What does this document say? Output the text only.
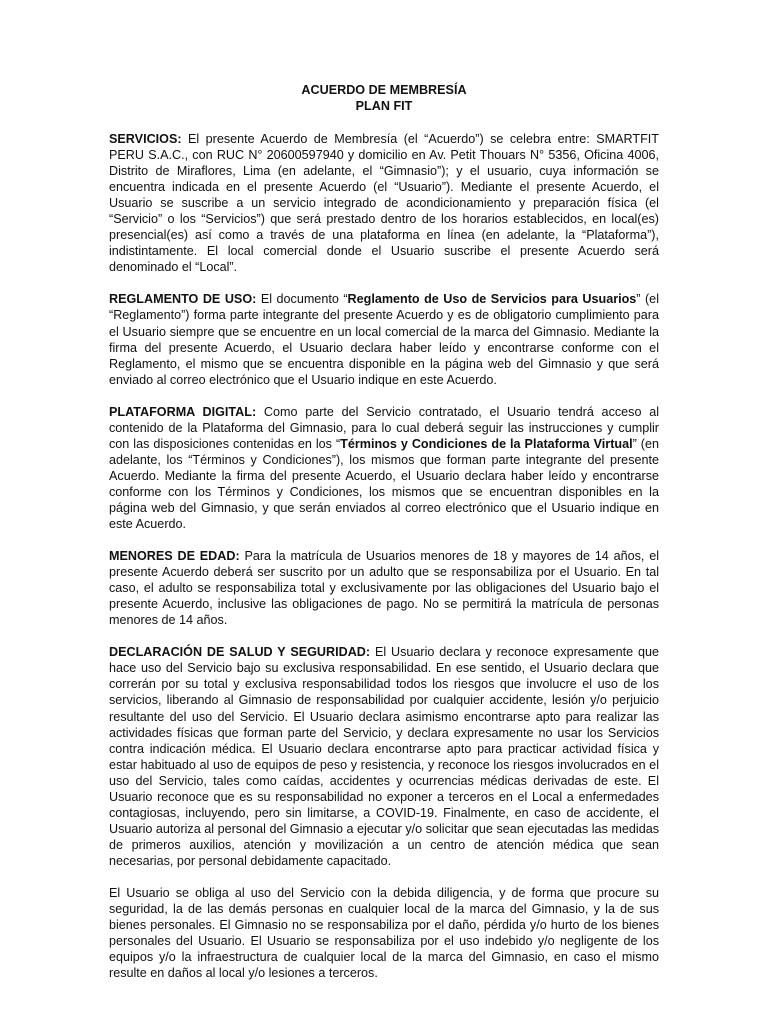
ACUERDO DE MEMBRESÍA

PLAN FIT

SERVICIOS: El presente Acuerdo de Membresía (el “Acuerdo”) se celebra entre: SMARTFIT PERU S.A.C., con RUC N° 20600597940 y domicilio en Av. Petit Thouars N° 5356, Oficina 4006, Distrito de Miraflores, Lima (en adelante, el “Gimnasio”); y el usuario, cuya información se encuentra indicada en el presente Acuerdo (el “Usuario”). Mediante el presente Acuerdo, el Usuario se suscribe a un servicio integrado de acondicionamiento y preparación física (el “Servicio” o los “Servicios”) que será prestado dentro de los horarios establecidos, en local(es) presencial(es) así como a través de una plataforma en línea (en adelante, la “Plataforma”), indistintamente. El local comercial donde el Usuario suscribe el presente Acuerdo será denominado el “Local”.

REGLAMENTO DE USO: El documento “Reglamento de Uso de Servicios para Usuarios” (el “Reglamento”) forma parte integrante del presente Acuerdo y es de obligatorio cumplimiento para el Usuario siempre que se encuentre en un local comercial de la marca del Gimnasio. Mediante la firma del presente Acuerdo, el Usuario declara haber leído y encontrarse conforme con el Reglamento, el mismo que se encuentra disponible en la página web del Gimnasio y que será enviado al correo electrónico que el Usuario indique en este Acuerdo.

PLATAFORMA DIGITAL: Como parte del Servicio contratado, el Usuario tendrá acceso al contenido de la Plataforma del Gimnasio, para lo cual deberá seguir las instrucciones y cumplir con las disposiciones contenidas en los “Términos y Condiciones de la Plataforma Virtual” (en adelante, los “Términos y Condiciones”), los mismos que forman parte integrante del presente Acuerdo. Mediante la firma del presente Acuerdo, el Usuario declara haber leído y encontrarse conforme con los Términos y Condiciones, los mismos que se encuentran disponibles en la página web del Gimnasio, y que serán enviados al correo electrónico que el Usuario indique en este Acuerdo.

MENORES DE EDAD: Para la matrícula de Usuarios menores de 18 y mayores de 14 años, el presente Acuerdo deberá ser suscrito por un adulto que se responsabiliza por el Usuario. En tal caso, el adulto se responsabiliza total y exclusivamente por las obligaciones del Usuario bajo el presente Acuerdo, inclusive las obligaciones de pago. No se permitirá la matrícula de personas menores de 14 años.

DECLARACIÓN DE SALUD Y SEGURIDAD: El Usuario declara y reconoce expresamente que hace uso del Servicio bajo su exclusiva responsabilidad. En ese sentido, el Usuario declara que correrán por su total y exclusiva responsabilidad todos los riesgos que involucre el uso de los servicios, liberando al Gimnasio de responsabilidad por cualquier accidente, lesión y/o perjuicio resultante del uso del Servicio. El Usuario declara asimismo encontrarse apto para realizar las actividades físicas que forman parte del Servicio, y declara expresamente no usar los Servicios contra indicación médica. El Usuario declara encontrarse apto para practicar actividad física y estar habituado al uso de equipos de peso y resistencia, y reconoce los riesgos involucrados en el uso del Servicio, tales como caídas, accidentes y ocurrencias médicas derivadas de este. El Usuario reconoce que es su responsabilidad no exponer a terceros en el Local a enfermedades contagiosas, incluyendo, pero sin limitarse, a COVID-19. Finalmente, en caso de accidente, el Usuario autoriza al personal del Gimnasio a ejecutar y/o solicitar que sean ejecutadas las medidas de primeros auxilios, atención y movilización a un centro de atención médica que sean necesarias, por personal debidamente capacitado.

El Usuario se obliga al uso del Servicio con la debida diligencia, y de forma que procure su seguridad, la de las demás personas en cualquier local de la marca del Gimnasio, y la de sus bienes personales. El Gimnasio no se responsabiliza por el daño, pérdida y/o hurto de los bienes personales del Usuario. El Usuario se responsabiliza por el uso indebido y/o negligente de los equipos y/o la infraestructura de cualquier local de la marca del Gimnasio, en caso el mismo resulte en daños al local y/o lesiones a terceros.
